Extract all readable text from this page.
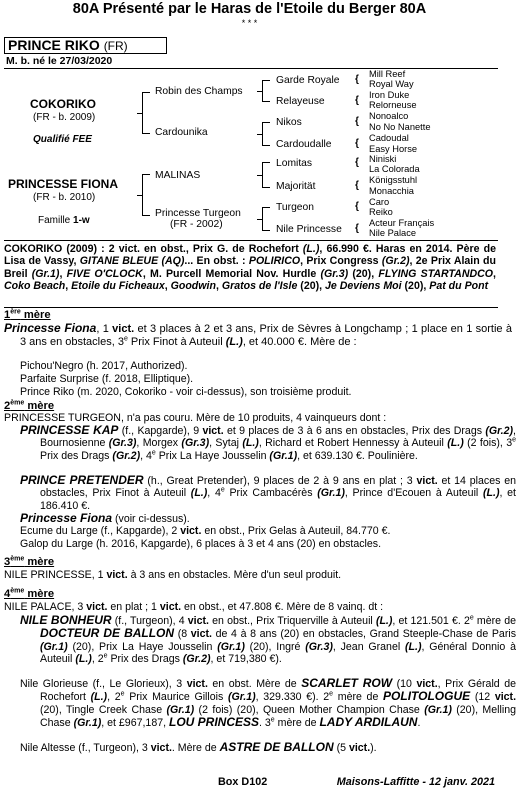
80A Présenté par le Haras de l'Etoile du Berger 80A
* * *
PRINCE RIKO (FR)
M. b. né le 27/03/2020
COKORIKO
(FR - b. 2009)
Qualifié FEE
PRINCESSE FIONA
(FR - b. 2010)
Famille 1-w
Robin des Champs
Cardounika
MALINAS
Princesse Turgeon
(FR - 2002)
Garde Royale
Relayeuse
Nikos
Cardoudalle
Lomitas
Majorität
Turgeon
Nile Princesse
{
{
{
{
{
{
{
{
Mill Reef
Royal Way
Iron Duke
Relorneuse
Nonoalco
No No Nanette
Cadoudal
Easy Horse
Niniski
La Colorada
Königsstuhl
Monacchia
Caro
Reiko
Acteur Français
Nile Palace
COKORIKO (2009) : 2 vict. en obst., Prix G. de Rochefort (L.), 66.990 €. Haras en 2014. Père de Lisa de Vassy, GITANE BLEUE (AQ)... En obst. : POLIRICO, Prix Congress (Gr.2), 2e Prix Alain du Breil (Gr.1), FIVE O'CLOCK, M. Purcell Memorial Nov. Hurdle (Gr.3) (20), FLYING STARTANDCO, Coko Beach, Etoile du Ficheaux, Goodwin, Gratos de l'Isle (20), Je Deviens Moi (20), Pat du Pont
1ère mère
Princesse Fiona, 1 vict. et 3 places à 2 et 3 ans, Prix de Sèvres à Longchamp ; 1 place en 1 sortie à 3 ans en obstacles, 3e Prix Finot à Auteuil (L.), et 40.000 €. Mère de :
Pichou'Negro (h. 2017, Authorized).
Parfaite Surprise (f. 2018, Elliptique).
Prince Riko (m. 2020, Cokoriko - voir ci-dessus), son troisième produit.
2ème mère
PRINCESSE TURGEON, n'a pas couru. Mère de 10 produits, 4 vainqueurs dont :
PRINCESSE KAP (f., Kapgarde), 9 vict. et 9 places de 3 à 6 ans en obstacles, Prix des Drags (Gr.2), Bournosienne (Gr.3), Morgex (Gr.3), Sytaj (L.), Richard et Robert Hennessy à Auteuil (L.) (2 fois), 3e Prix des Drags (Gr.2), 4e Prix La Haye Jousselin (Gr.1), et 639.130 €. Poulinière.
PRINCE PRETENDER (h., Great Pretender), 9 places de 2 à 9 ans en plat ; 3 vict. et 14 places en obstacles, Prix Finot à Auteuil (L.), 4e Prix Cambacérès (Gr.1), Prince d'Ecouen à Auteuil (L.), et 186.410 €.
Princesse Fiona (voir ci-dessus).
Ecume du Large (f., Kapgarde), 2 vict. en obst., Prix Gelas à Auteuil, 84.770 €.
Galop du Large (h. 2016, Kapgarde), 6 places à 3 et 4 ans (20) en obstacles.
3ème mère
NILE PRINCESSE, 1 vict. à 3 ans en obstacles. Mère d'un seul produit.
4ème mère
NILE PALACE, 3 vict. en plat ; 1 vict. en obst., et 47.808 €. Mère de 8 vainq. dt :
NILE BONHEUR (f., Turgeon), 4 vict. en obst., Prix Triquerville à Auteuil (L.), et 121.501 €. 2e mère de DOCTEUR DE BALLON (8 vict. de 4 à 8 ans (20) en obstacles, Grand Steeple-Chase de Paris (Gr.1) (20), Prix La Haye Jousselin (Gr.1) (20), Ingré (Gr.3), Jean Granel (L.), Général Donnio à Auteuil (L.), 2e Prix des Drags (Gr.2), et 719,380 €).
Nile Glorieuse (f., Le Glorieux), 3 vict. en obst. Mère de SCARLET ROW (10 vict., Prix Gérald de Rochefort (L.), 2e Prix Maurice Gillois (Gr.1), 329.330 €). 2e mère de POLITOLOGUE (12 vict. (20), Tingle Creek Chase (Gr.1) (2 fois) (20), Queen Mother Champion Chase (Gr.1) (20), Melling Chase (Gr.1), et £967,187, LOU PRINCESS. 3e mère de LADY ARDILAUN.
Nile Altesse (f., Turgeon), 3 vict.. Mère de ASTRE DE BALLON (5 vict.).
Box D102	Maisons-Laffitte - 12 janv. 2021
